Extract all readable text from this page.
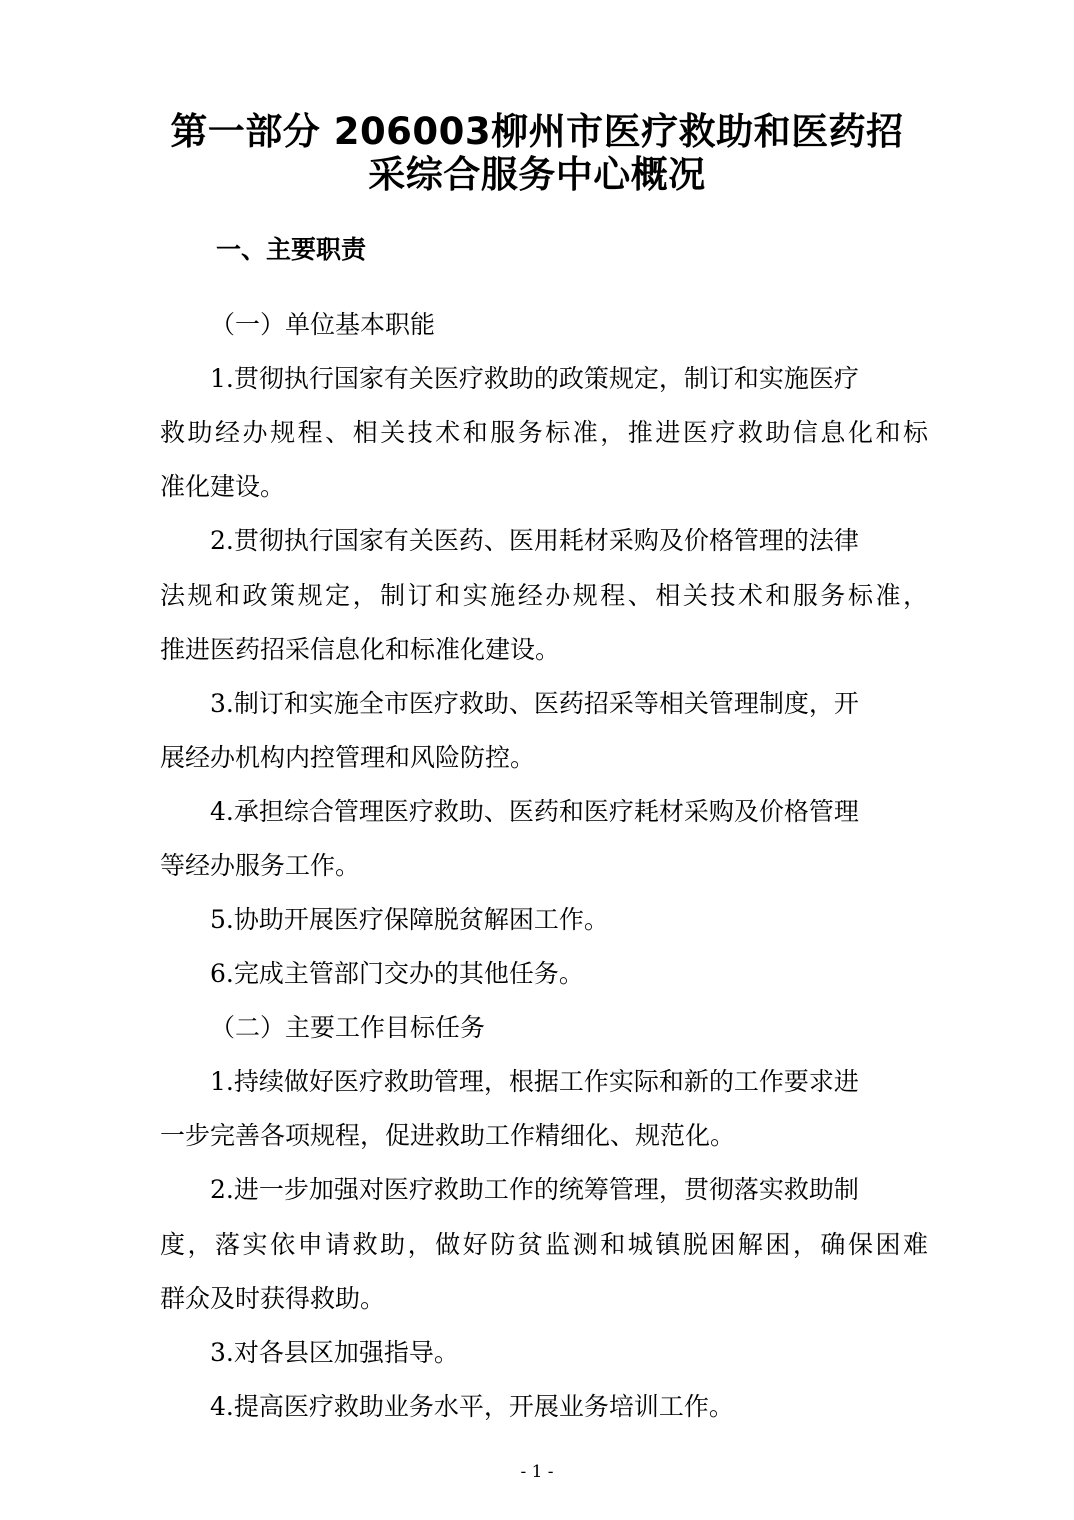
第一部分 206003柳州市医疗救助和医药招
采综合服务中心概况
一、主要职责
（一）单位基本职能
1.贯彻执行国家有关医疗救助的政策规定，制订和实施医疗
救助经办规程、相关技术和服务标准，推进医疗救助信息化和标
准化建设。
2.贯彻执行国家有关医药、医用耗材采购及价格管理的法律
法规和政策规定，制订和实施经办规程、相关技术和服务标准，
推进医药招采信息化和标准化建设。
3.制订和实施全市医疗救助、医药招采等相关管理制度，开
展经办机构内控管理和风险防控。
4.承担综合管理医疗救助、医药和医疗耗材采购及价格管理
等经办服务工作。
5.协助开展医疗保障脱贫解困工作。
6.完成主管部门交办的其他任务。
（二）主要工作目标任务
1.持续做好医疗救助管理，根据工作实际和新的工作要求进
一步完善各项规程，促进救助工作精细化、规范化。
2.进一步加强对医疗救助工作的统筹管理，贯彻落实救助制
度，落实依申请救助，做好防贫监测和城镇脱困解困，确保困难
群众及时获得救助。
3.对各县区加强指导。
4.提高医疗救助业务水平，开展业务培训工作。
- 1 -
